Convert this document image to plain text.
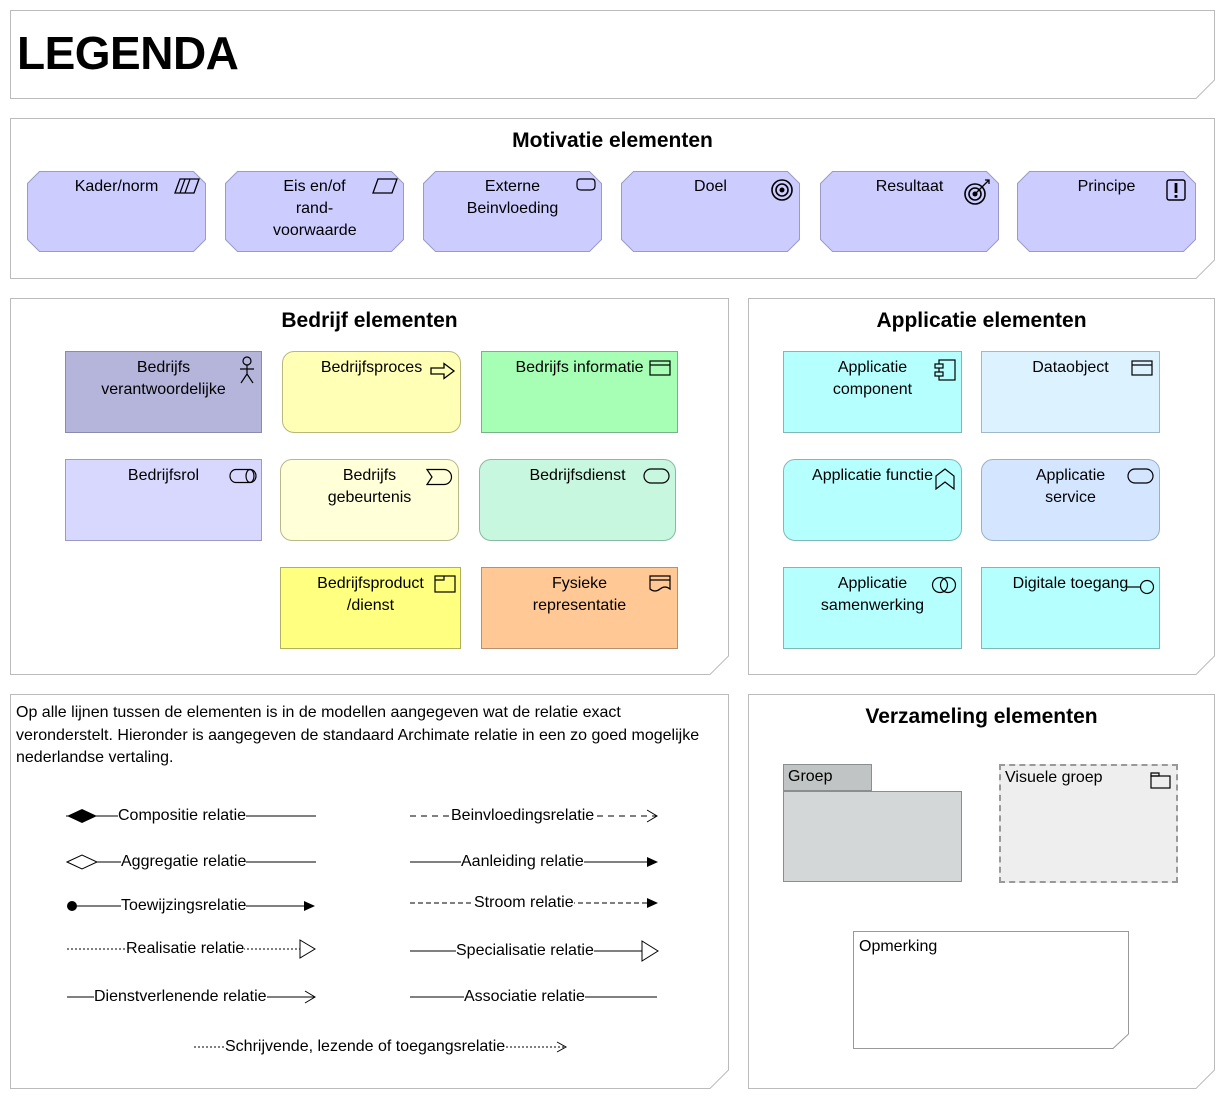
LEGENDA
Motivatie elementen
Kader/norm	Eis en/of rand-voorwaarde
Externe Beinvloeding
Doel	Resultaat	Principe
Bedrijf elementen
Bedrijfs verantwoordelijke
Bedrijfsproces	Bedrijfs informatie
Bedrijfsrol	Bedrijfs gebeurtenis
Bedrijfsdienst
Bedrijfsproduct /dienst
Fysieke representatie
Applicatie elementen
Applicatie component
Dataobject
Applicatie functie	Applicatie service
Applicatie samenwerking
Digitale toegang
Op alle lijnen tussen de elementen is in de modellen aangegeven wat de relatie exact veronderstelt. Hieronder is aangegeven de standaard Archimate relatie in een zo goed mogelijke nederlandse vertaling.
Compositie relatie
Aggregatie relatie
Toewijzingsrelatie
Realisatie relatie
Dienstverlenende relatie
Beinvloedingsrelatie
Aanleiding relatie
Stroom relatie
Specialisatie relatie
Associatie relatie
Schrijvende, lezende of toegangsrelatie
Verzameling elementen
Groep	Visuele groep
Opmerking
